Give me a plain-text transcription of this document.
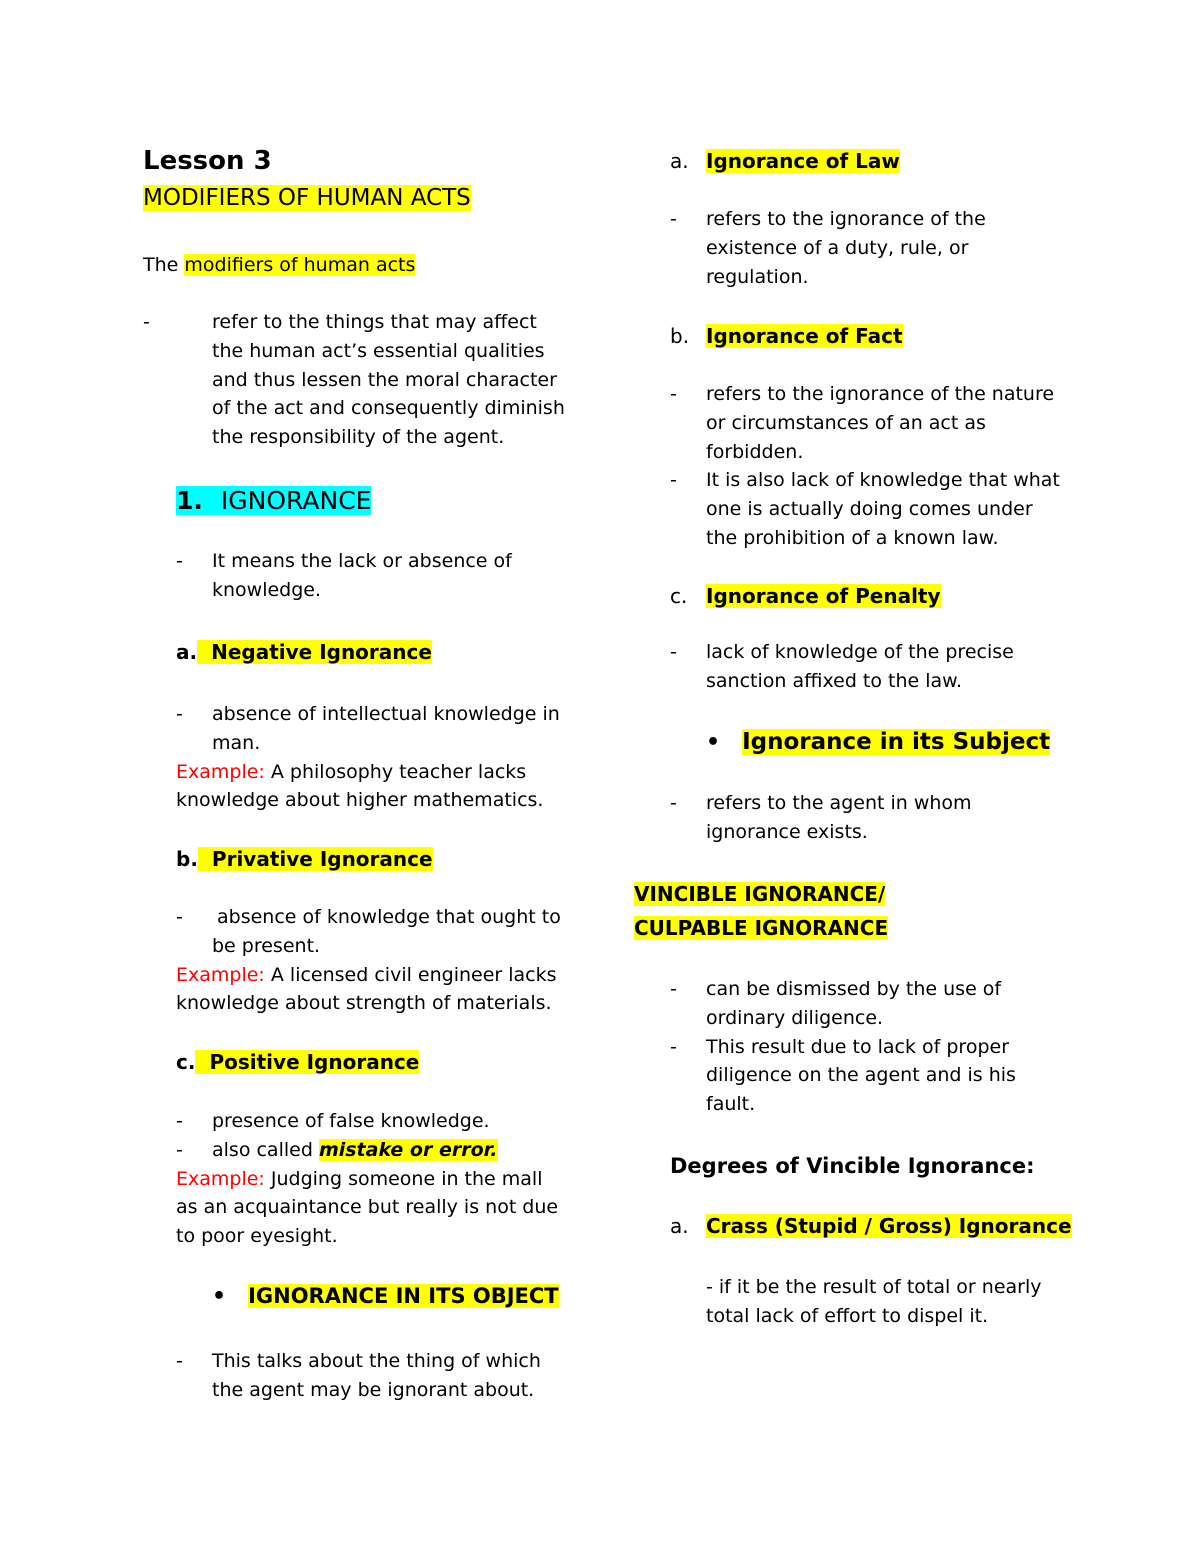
Lesson 3
MODIFIERS OF HUMAN ACTS
The modifiers of human acts
-	refer to the things that may affect
the human act’s essential qualities
and thus lessen the moral character
of the act and consequently diminish
the responsibility of the agent.
1. IGNORANCE
- It means the lack or absence of
knowledge.
a. Negative Ignorance
- absence of intellectual knowledge in
man.
Example: A philosophy teacher lacks
knowledge about higher mathematics.
b. Privative Ignorance
- absence of knowledge that ought to
be present.
Example: A licensed civil engineer lacks
knowledge about strength of materials.
c. Positive Ignorance
- presence of false knowledge.
- also called mistake or error.
Example: Judging someone in the mall
as an acquaintance but really is not due
to poor eyesight.
• IGNORANCE IN ITS OBJECT
- This talks about the thing of which
the agent may be ignorant about.
a. Ignorance of Law
- refers to the ignorance of the
existence of a duty, rule, or
regulation.
b. Ignorance of Fact
- refers to the ignorance of the nature
or circumstances of an act as
forbidden.
- It is also lack of knowledge that what
one is actually doing comes under
the prohibition of a known law.
c. Ignorance of Penalty
- lack of knowledge of the precise
sanction affixed to the law.
• Ignorance in its Subject
- refers to the agent in whom
ignorance exists.
VINCIBLE IGNORANCE/
CULPABLE IGNORANCE
- can be dismissed by the use of
ordinary diligence.
- This result due to lack of proper
diligence on the agent and is his
fault.
Degrees of Vincible Ignorance:
a. Crass (Stupid / Gross) Ignorance
- if it be the result of total or nearly
total lack of effort to dispel it.
